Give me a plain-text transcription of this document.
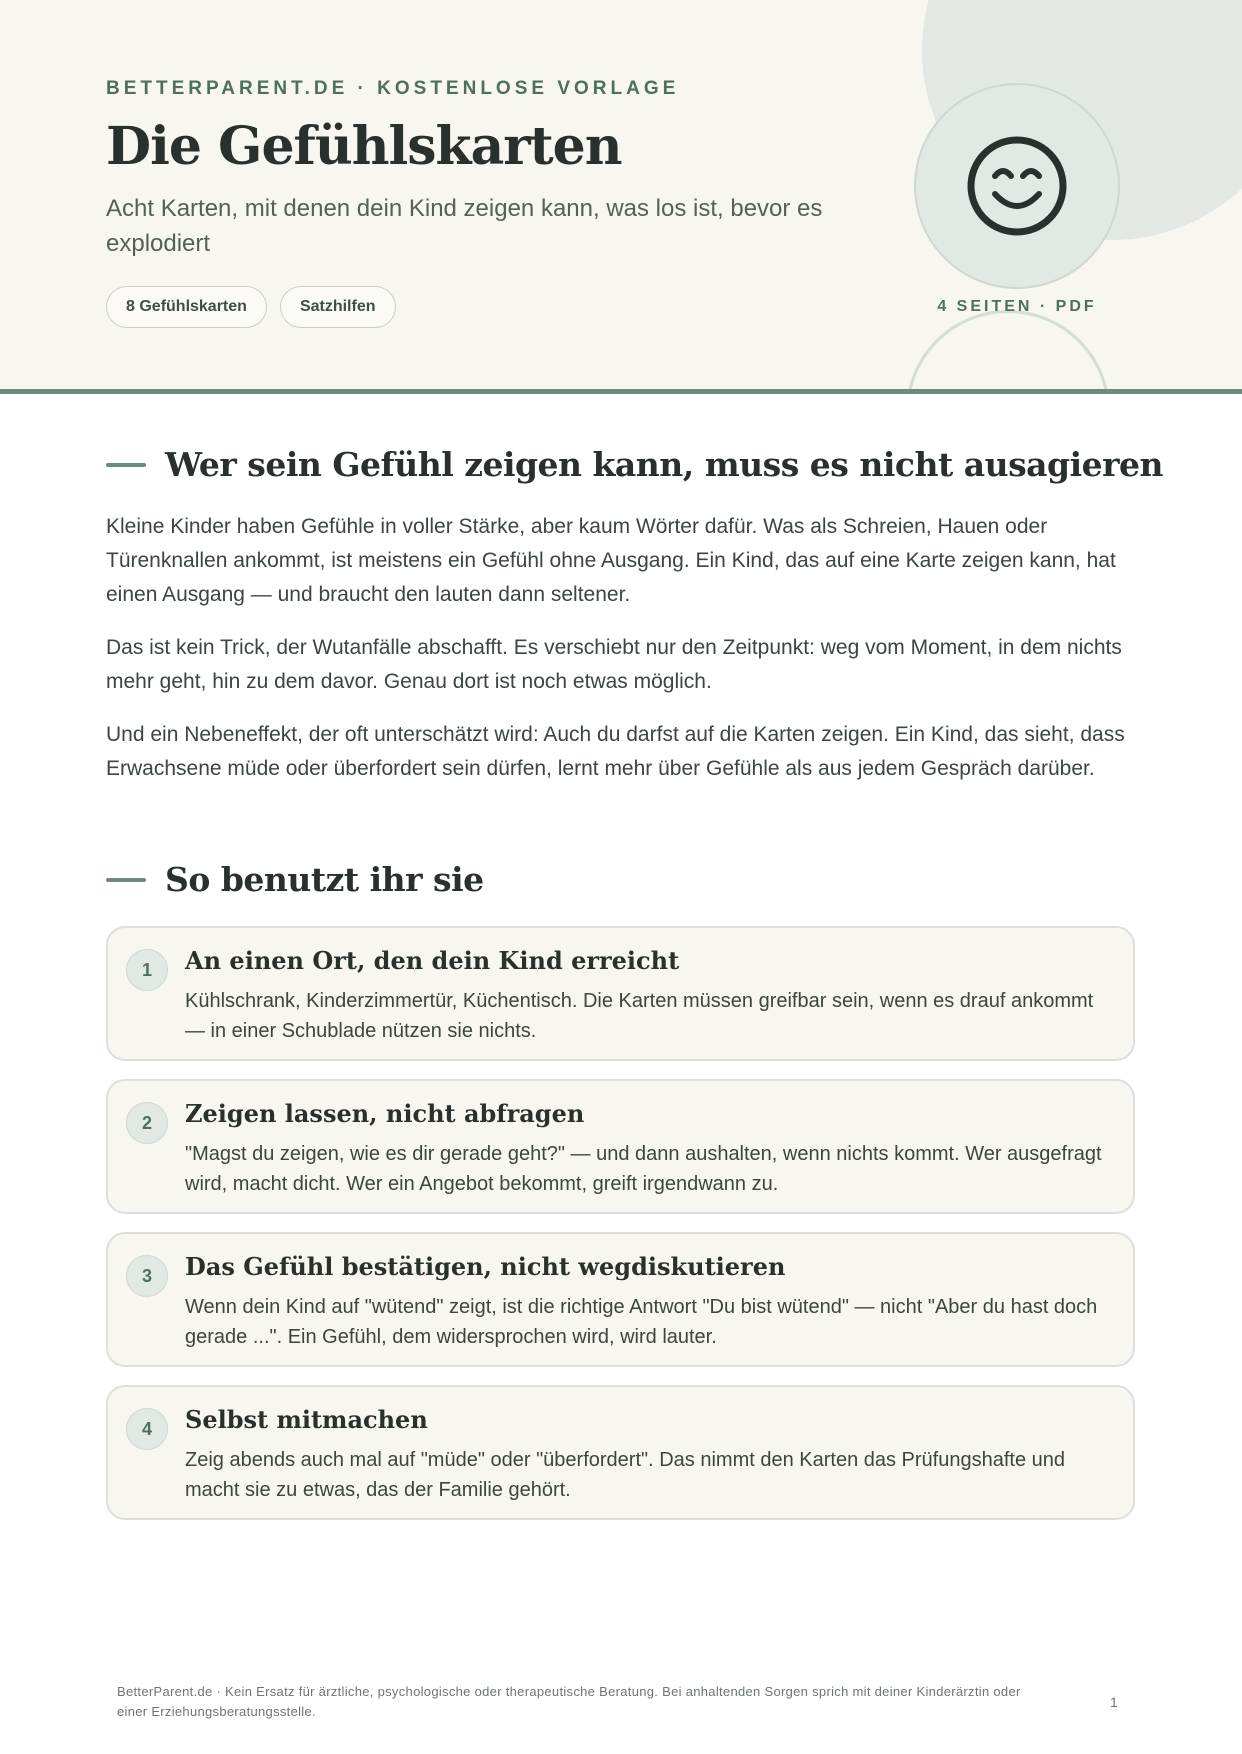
BETTERPARENT.DE · KOSTENLOSE VORLAGE
Die Gefühlskarten
Acht Karten, mit denen dein Kind zeigen kann, was los ist, bevor es explodiert
8 Gefühlskarten	Satzhilfen	4 SEITEN · PDF
Wer sein Gefühl zeigen kann, muss es nicht ausagieren

Kleine Kinder haben Gefühle in voller Stärke, aber kaum Wörter dafür. Was als Schreien, Hauen oder Türenknallen ankommt, ist meistens ein Gefühl ohne Ausgang. Ein Kind, das auf eine Karte zeigen kann, hat einen Ausgang — und braucht den lauten dann seltener.

Das ist kein Trick, der Wutanfälle abschafft. Es verschiebt nur den Zeitpunkt: weg vom Moment, in dem nichts mehr geht, hin zu dem davor. Genau dort ist noch etwas möglich.

Und ein Nebeneffekt, der oft unterschätzt wird: Auch du darfst auf die Karten zeigen. Ein Kind, das sieht, dass Erwachsene müde oder überfordert sein dürfen, lernt mehr über Gefühle als aus jedem Gespräch darüber.

So benutzt ihr sie
1	An einen Ort, den dein Kind erreicht
Kühlschrank, Kinderzimmertür, Küchentisch. Die Karten müssen greifbar sein, wenn es drauf ankommt — in einer Schublade nützen sie nichts.
2	Zeigen lassen, nicht abfragen
"Magst du zeigen, wie es dir gerade geht?" — und dann aushalten, wenn nichts kommt. Wer ausgefragt wird, macht dicht. Wer ein Angebot bekommt, greift irgendwann zu.
3	Das Gefühl bestätigen, nicht wegdiskutieren
Wenn dein Kind auf "wütend" zeigt, ist die richtige Antwort "Du bist wütend" — nicht "Aber du hast doch gerade ...". Ein Gefühl, dem widersprochen wird, wird lauter.
4	Selbst mitmachen
Zeig abends auch mal auf "müde" oder "überfordert". Das nimmt den Karten das Prüfungshafte und macht sie zu etwas, das der Familie gehört.
BetterParent.de · Kein Ersatz für ärztliche, psychologische oder therapeutische Beratung. Bei anhaltenden Sorgen sprich mit deiner Kinderärztin oder einer Erziehungsberatungsstelle.
1
